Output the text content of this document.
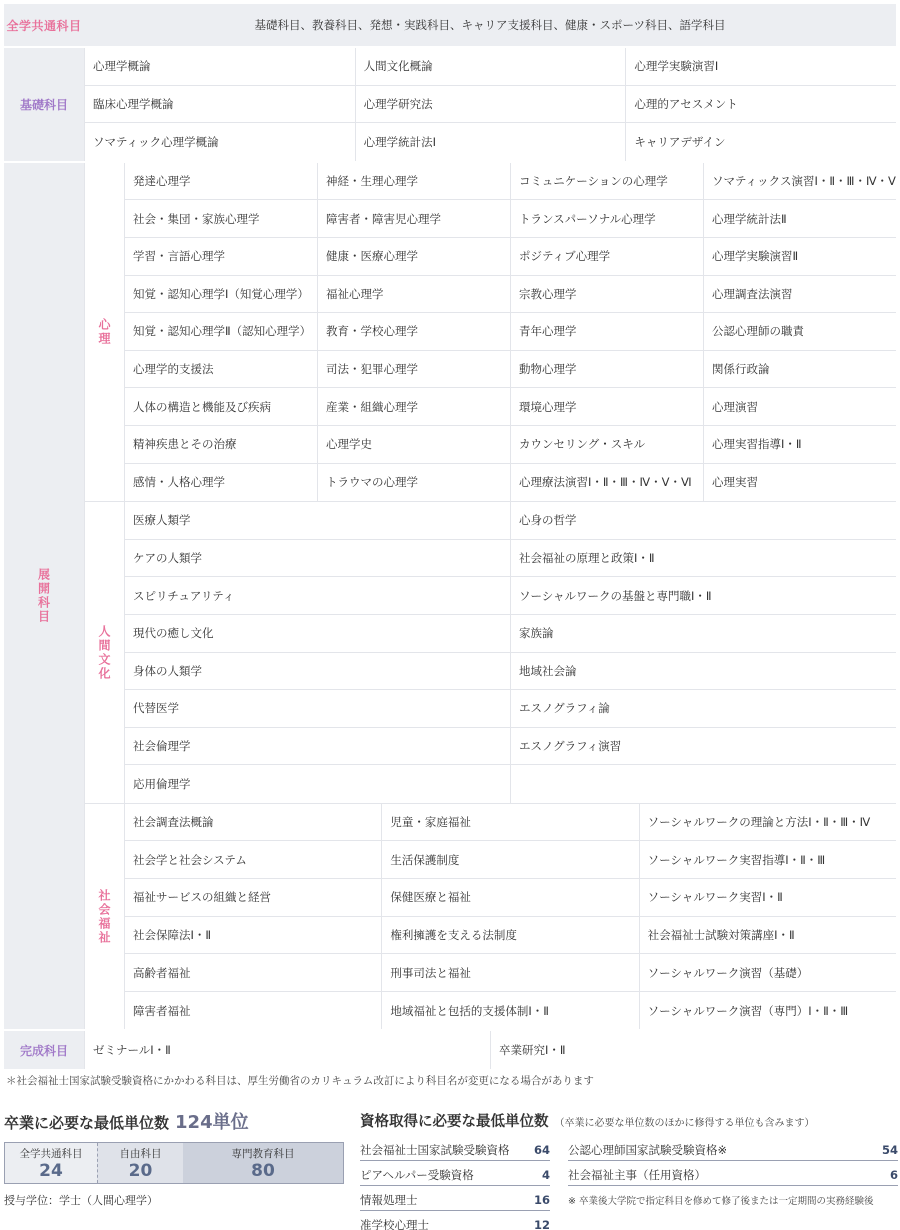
全学共通科目	基礎科目、教養科目、発想・実践科目、キャリア支援科目、健康・スポーツ科目、語学科目
基礎科目
心理学概論	人間文化概論	心理学実験演習Ⅰ
臨床心理学概論	心理学研究法	心理的アセスメント
ソマティック心理学概論	心理学統計法Ⅰ	キャリアデザイン
展開科目
心理
発達心理学	神経・生理心理学	コミュニケーションの心理学	ソマティックス演習Ⅰ・Ⅱ・Ⅲ・Ⅳ・Ⅴ
社会・集団・家族心理学	障害者・障害児心理学	トランスパーソナル心理学	心理学統計法Ⅱ
学習・言語心理学	健康・医療心理学	ポジティブ心理学	心理学実験演習Ⅱ
知覚・認知心理学Ⅰ（知覚心理学）	福祉心理学	宗教心理学	心理調査法演習
知覚・認知心理学Ⅱ（認知心理学）	教育・学校心理学	青年心理学	公認心理師の職責
心理学的支援法	司法・犯罪心理学	動物心理学	関係行政論
人体の構造と機能及び疾病	産業・組織心理学	環境心理学	心理演習
精神疾患とその治療	心理学史	カウンセリング・スキル	心理実習指導Ⅰ・Ⅱ
感情・人格心理学	トラウマの心理学	心理療法演習Ⅰ・Ⅱ・Ⅲ・Ⅳ・Ⅴ・Ⅵ	心理実習
人間文化
医療人類学	心身の哲学
ケアの人類学	社会福祉の原理と政策Ⅰ・Ⅱ
スピリチュアリティ	ソーシャルワークの基盤と専門職Ⅰ・Ⅱ
現代の癒し文化	家族論
身体の人類学	地域社会論
代替医学	エスノグラフィ論
社会倫理学	エスノグラフィ演習
応用倫理学
社会福祉
社会調査法概論	児童・家庭福祉	ソーシャルワークの理論と方法Ⅰ・Ⅱ・Ⅲ・Ⅳ
社会学と社会システム	生活保護制度	ソーシャルワーク実習指導Ⅰ・Ⅱ・Ⅲ
福祉サービスの組織と経営	保健医療と福祉	ソーシャルワーク実習Ⅰ・Ⅱ
社会保障法Ⅰ・Ⅱ	権利擁護を支える法制度	社会福祉士試験対策講座Ⅰ・Ⅱ
高齢者福祉	刑事司法と福祉	ソーシャルワーク演習（基礎）
障害者福祉	地域福祉と包括的支援体制Ⅰ・Ⅱ	ソーシャルワーク演習（専門）Ⅰ・Ⅱ・Ⅲ
完成科目	ゼミナールⅠ・Ⅱ	卒業研究Ⅰ・Ⅱ
＊社会福祉士国家試験受験資格にかかわる科目は、厚生労働省のカリキュラム改訂により科目名が変更になる場合があります
卒業に必要な最低単位数 124単位
全学共通科目
24
自由科目
20
専門教育科目
80
授与学位：学士（人間心理学）
資格取得に必要な最低単位数 （卒業に必要な単位数のほかに修得する単位も含みます）
社会福祉士国家試験受験資格 64
ピアヘルパー受験資格	4
情報処理士	16
准学校心理士	12
公認心理師国家試験受験資格※	54
社会福祉主事（任用資格）	6
※ 卒業後大学院で指定科目を修めて修了後または一定期間の実務経験後
